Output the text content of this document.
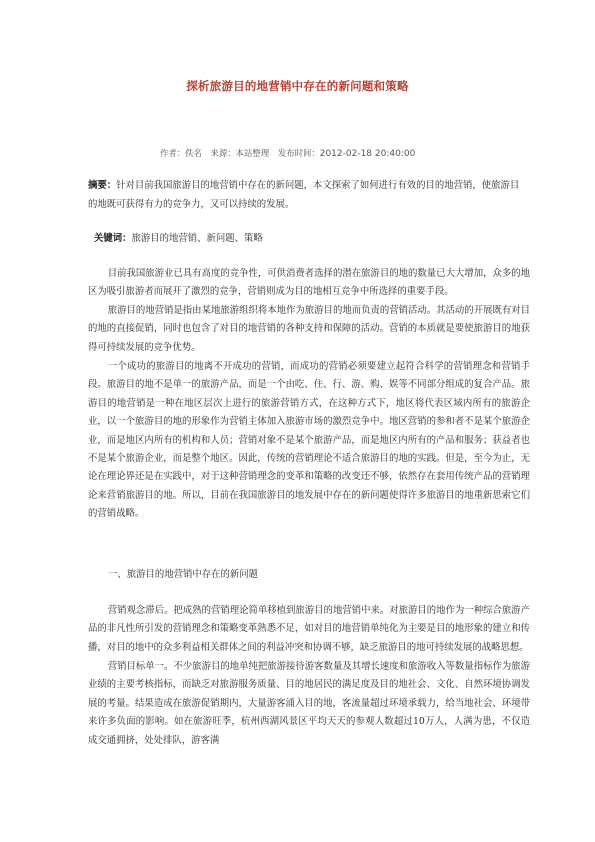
探析旅游目的地营销中存在的新问题和策略
作者：佚名 来源：本站整理 发布时间：2012-02-18 20:40:00

摘要：针对目前我国旅游目的地营销中存在的新问题，本文探索了如何进行有效的目的地营销，使旅游目的地既可获得有力的竞争力，又可以持续的发展。

关键词：旅游目的地营销、新问题、策略

目前我国旅游业已具有高度的竞争性，可供消费者选择的潜在旅游目的地的数量已大大增加，众多的地区为吸引旅游者而展开了激烈的竞争，营销则成为目的地相互竞争中所选择的重要手段。

旅游目的地营销是指由某地旅游组织将本地作为旅游目的地而负责的营销活动。其活动的开展既有对目的地的直接促销，同时也包含了对目的地营销的各种支持和保障的活动。营销的本质就是要使旅游目的地获得可持续发展的竞争优势。

一个成功的旅游目的地离不开成功的营销，而成功的营销必须要建立起符合科学的营销理念和营销手段。旅游目的地不是单一的旅游产品，而是一个由吃、住、行、游、购、娱等不同部分组成的复合产品。旅游目的地营销是一种在地区层次上进行的旅游营销方式，在这种方式下，地区将代表区域内所有的旅游企业，以一个旅游目的地的形象作为营销主体加入旅游市场的激烈竞争中。地区营销的参和者不是某个旅游企业，而是地区内所有的机构和人员；营销对象不是某个旅游产品，而是地区内所有的产品和服务；获益者也不是某个旅游企业，而是整个地区。因此，传统的营销理论不适合旅游目的地的实践。但是，至今为止，无论在理论界还是在实践中，对于这种营销理念的变革和策略的改变还不够，依然存在套用传统产品的营销理论来营销旅游目的地。所以，目前在我国旅游目的地发展中存在的新问题使得许多旅游目的地重新思索它们的营销战略。

一、旅游目的地营销中存在的新问题

营销观念滞后。把成熟的营销理论简单移植到旅游目的地营销中来。对旅游目的地作为一种综合旅游产品的非凡性所引发的营销理念和策略变革熟悉不足，如对目的地营销单纯化为主要是目的地形象的建立和传播，对目的地中的众多利益相关群体之间的利益冲突和协调不够，缺乏旅游目的地可持续发展的战略思想。

营销目标单一。不少旅游目的地单纯把旅游接待游客数量及其增长速度和旅游收入等数量指标作为旅游业绩的主要考核指标，而缺乏对旅游服务质量、目的地居民的满足度及目的地社会、文化、自然环境协调发展的考量。结果造成在旅游促销期内，大量游客涌入目的地，客流量超过环境承载力，给当地社会、环境带来许多负面的影响。如在旅游旺季，杭州西湖风景区平均天天的参观人数超过10万人，人满为患，不仅造成交通拥挤，处处排队，游客满
